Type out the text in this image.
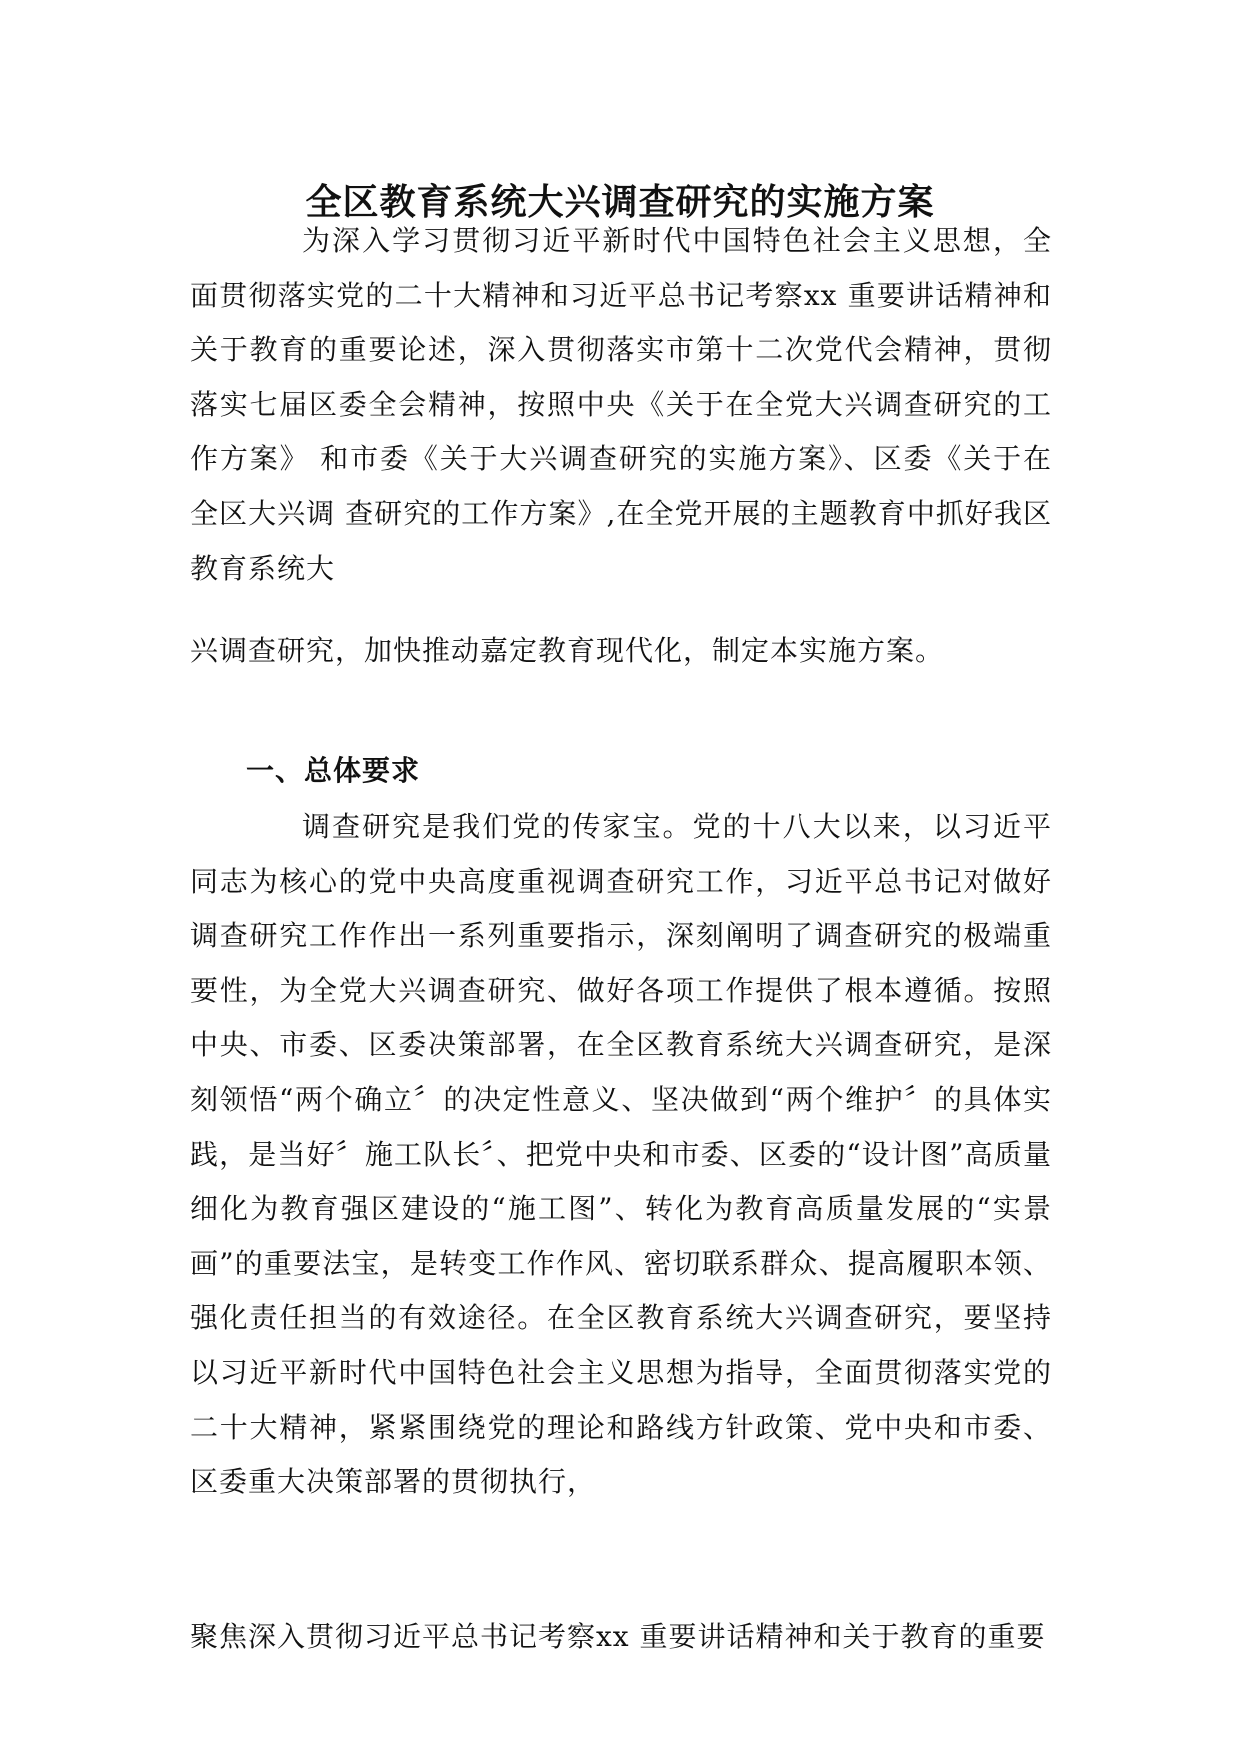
全区教育系统大兴调查研究的实施方案

为深入学习贯彻习近平新时代中国特色社会主义思想，全面贯彻落实党的二十大精神和习近平总书记考察xx 重要讲话精神和关于教育的重要论述，深入贯彻落实市第十二次党代会精神，贯彻落实七届区委全会精神，按照中央《关于在全党大兴调查研究的工作方案》 和市委《关于大兴调查研究的实施方案》、区委《关于在全区大兴调 查研究的工作方案》,在全党开展的主题教育中抓好我区教育系统大

兴调查研究，加快推动嘉定教育现代化，制定本实施方案。

一、总体要求

调查研究是我们党的传家宝。党的十八大以来，以习近平同志为核心的党中央高度重视调查研究工作，习近平总书记对做好调查研究工作作出一系列重要指示，深刻阐明了调查研究的极端重要性，为全党大兴调查研究、做好各项工作提供了根本遵循。按照中央、市委、区委决策部署，在全区教育系统大兴调查研究，是深刻领悟“两个确立〞的决定性意义、坚决做到“两个维护〞的具体实践，是当好〞施工队长〞、把党中央和市委、区委的“设计图”高质量细化为教育强区建设的“施工图”、转化为教育高质量发展的“实景画”的重要法宝，是转变工作作风、密切联系群众、提高履职本领、强化责任担当的有效途径。在全区教育系统大兴调查研究，要坚持以习近平新时代中国特色社会主义思想为指导，全面贯彻落实党的二十大精神，紧紧围绕党的理论和路线方针政策、党中央和市委、区委重大决策部署的贯彻执行，

聚焦深入贯彻习近平总书记考察xx 重要讲话精神和关于教育的重要
